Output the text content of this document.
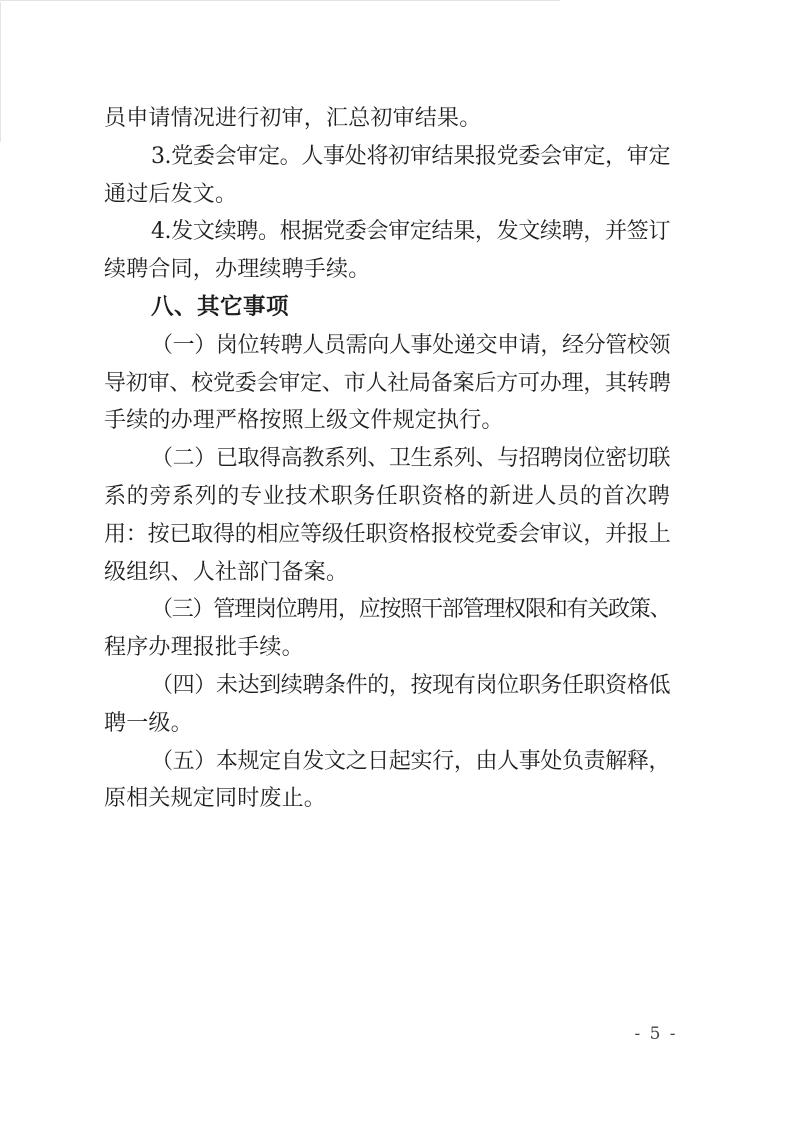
员申请情况进行初审，汇总初审结果。
3.党委会审定。人事处将初审结果报党委会审定，审定
通过后发文。
4.发文续聘。根据党委会审定结果，发文续聘，并签订
续聘合同，办理续聘手续。
八、其它事项
（一）岗位转聘人员需向人事处递交申请，经分管校领
导初审、校党委会审定、市人社局备案后方可办理，其转聘
手续的办理严格按照上级文件规定执行。
（二）已取得高教系列、卫生系列、与招聘岗位密切联
系的旁系列的专业技术职务任职资格的新进人员的首次聘
用：按已取得的相应等级任职资格报校党委会审议，并报上
级组织、人社部门备案。
（三）管理岗位聘用，应按照干部管理权限和有关政策、
程序办理报批手续。
（四）未达到续聘条件的，按现有岗位职务任职资格低
聘一级。
（五）本规定自发文之日起实行，由人事处负责解释，
原相关规定同时废止。
- 5 -
